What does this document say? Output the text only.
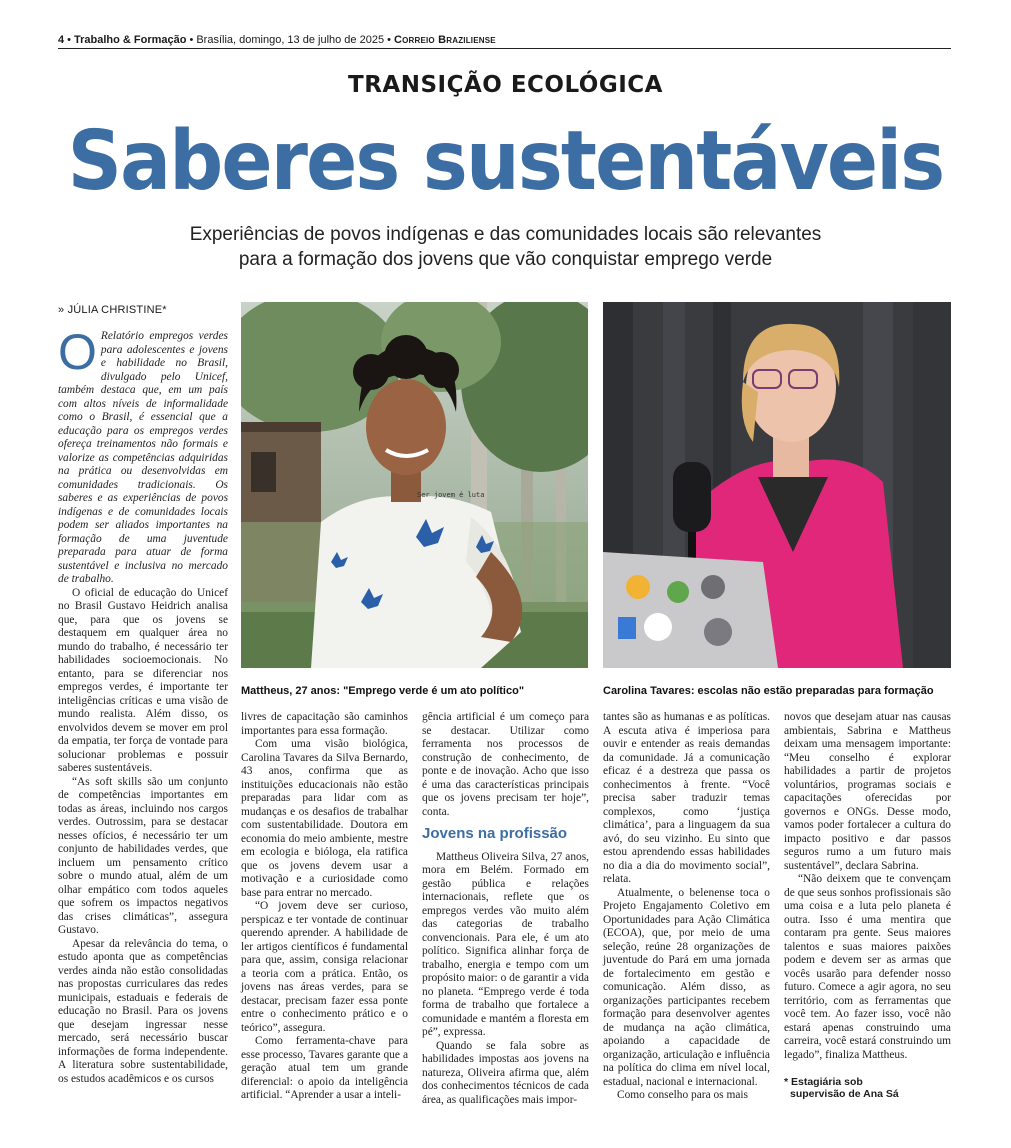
4 • Trabalho & Formação • Brasília, domingo, 13 de julho de 2025 • Correio Braziliense
TRANSIÇÃO ECOLÓGICA
Saberes sustentáveis
Experiências de povos indígenas e das comunidades locais são relevantes
para a formação dos jovens que vão conquistar emprego verde
» JÚLIA CHRISTINE*

O Relatório empregos verdes para adolescentes e jovens e habilidade no Brasil, divulgado pelo Unicef, também destaca que, em um país com altos níveis de informalidade como o Brasil, é essencial que a educação para os empregos verdes ofereça treinamentos não formais e valorize as competências adquiridas na prática ou desenvolvidas em comunidades tradicionais. Os saberes e as experiências de povos indígenas e de comunidades locais podem ser aliados importantes na formação de uma juventude preparada para atuar de forma sustentável e inclusiva no mercado de trabalho.

O oficial de educação do Unicef no Brasil Gustavo Heidrich analisa que, para que os jovens se destaquem em qualquer área no mundo do trabalho, é necessário ter habilidades socioemocionais. No entanto, para se diferenciar nos empregos verdes, é importante ter inteligências críticas e uma visão de mundo realista. Além disso, os envolvidos devem se mover em prol da empatia, ter força de vontade para solucionar problemas e possuir saberes sustentáveis.

“As soft skills são um conjunto de competências importantes em todas as áreas, incluindo nos cargos verdes. Outrossim, para se destacar nesses ofícios, é necessário ter um conjunto de habilidades verdes, que incluem um pensamento crítico sobre o mundo atual, além de um olhar empático com todos aqueles que sofrem os impactos negativos das crises climáticas”, assegura Gustavo.

Apesar da relevância do tema, o estudo aponta que as competências verdes ainda não estão consolidadas nas propostas curriculares das redes municipais, estaduais e federais de educação no Brasil. Para os jovens que desejam ingressar nesse mercado, será necessário buscar informações de forma independente. A literatura sobre sustentabilidade, os estudos acadêmicos e os cursos

Ser jovem é luta
Mattheus, 27 anos: "Emprego verde é um ato político"	Carolina Tavares: escolas não estão preparadas para formação

livres de capacitação são caminhos importantes para essa formação.

Com uma visão biológica, Carolina Tavares da Silva Bernardo, 43 anos, confirma que as instituições educacionais não estão preparadas para lidar com as mudanças e os desafios de trabalhar com sustentabilidade. Doutora em economia do meio ambiente, mestre em ecologia e bióloga, ela ratifica que os jovens devem usar a motivação e a curiosidade como base para entrar no mercado.

“O jovem deve ser curioso, perspicaz e ter vontade de continuar querendo aprender. A habilidade de ler artigos científicos é fundamental para que, assim, consiga relacionar a teoria com a prática. Então, os jovens nas áreas verdes, para se destacar, precisam fazer essa ponte entre o conhecimento prático e o teórico”, assegura.

Como ferramenta-chave para esse processo, Tavares garante que a geração atual tem um grande diferencial: o apoio da inteligência artificial. “Aprender a usar a inteli-

gência artificial é um começo para se destacar. Utilizar como ferramenta nos processos de construção de conhecimento, de ponte e de inovação. Acho que isso é uma das características principais que os jovens precisam ter hoje”, conta.

Jovens na profissão

Mattheus Oliveira Silva, 27 anos, mora em Belém. Formado em gestão pública e relações internacionais, reflete que os empregos verdes vão muito além das categorias de trabalho convencionais. Para ele, é um ato político. Significa alinhar força de trabalho, energia e tempo com um propósito maior: o de garantir a vida no planeta. “Emprego verde é toda forma de trabalho que fortalece a comunidade e mantém a floresta em pé”, expressa.

Quando se fala sobre as habilidades impostas aos jovens na natureza, Oliveira afirma que, além dos conhecimentos técnicos de cada área, as qualificações mais impor-

tantes são as humanas e as políticas. A escuta ativa é imperiosa para ouvir e entender as reais demandas da comunidade. Já a comunicação eficaz é a destreza que passa os conhecimentos à frente. “Você precisa saber traduzir temas complexos, como ‘justiça climática’, para a linguagem da sua avó, do seu vizinho. Eu sinto que estou aprendendo essas habilidades no dia a dia do movimento social”, relata.

Atualmente, o belenense toca o Projeto Engajamento Coletivo em Oportunidades para Ação Climática (ECOA), que, por meio de uma seleção, reúne 28 organizações de juventude do Pará em uma jornada de fortalecimento em gestão e comunicação. Além disso, as organizações participantes recebem formação para desenvolver agentes de mudança na ação climática, apoiando a capacidade de organização, articulação e influência na política do clima em nível local, estadual, nacional e internacional.

Como conselho para os mais

novos que desejam atuar nas causas ambientais, Sabrina e Mattheus deixam uma mensagem importante: “Meu conselho é explorar habilidades a partir de projetos voluntários, programas sociais e capacitações oferecidas por governos e ONGs. Desse modo, vamos poder fortalecer a cultura do impacto positivo e dar passos seguros rumo a um futuro mais sustentável”, declara Sabrina.

“Não deixem que te convençam de que seus sonhos profissionais são uma coisa e a luta pelo planeta é outra. Isso é uma mentira que contaram pra gente. Seus maiores talentos e suas maiores paixões podem e devem ser as armas que vocês usarão para defender nosso futuro. Comece a agir agora, no seu território, com as ferramentas que você tem. Ao fazer isso, você não estará apenas construindo uma carreira, você estará construindo um legado”, finaliza Mattheus.

* Estagiária sob
supervisão de Ana Sá
